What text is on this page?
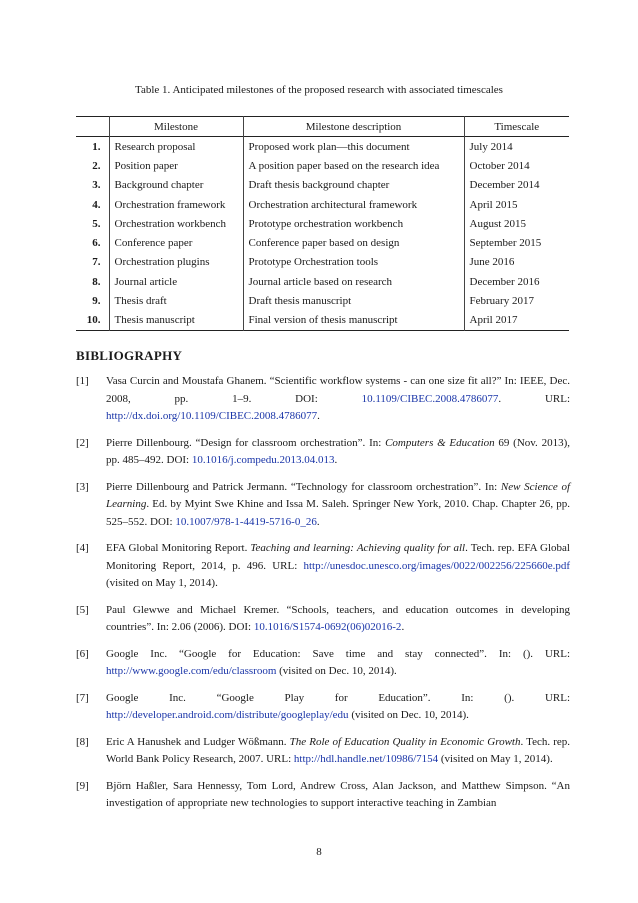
Table 1. Anticipated milestones of the proposed research with associated timescales
	Milestone	Milestone description	Timescale
1.	Research proposal	Proposed work plan—this document	July 2014
2.	Position paper	A position paper based on the research idea	October 2014
3.	Background chapter	Draft thesis background chapter	December 2014
4.	Orchestration framework	Orchestration architectural framework	April 2015
5.	Orchestration workbench	Prototype orchestration workbench	August 2015
6.	Conference paper	Conference paper based on design	September 2015
7.	Orchestration plugins	Prototype Orchestration tools	June 2016
8.	Journal article	Journal article based on research	December 2016
9.	Thesis draft	Draft thesis manuscript	February 2017
10.	Thesis manuscript	Final version of thesis manuscript	April 2017
BIBLIOGRAPHY
[1]	Vasa Curcin and Moustafa Ghanem. “Scientific workflow systems - can one size fit all?” In: IEEE, Dec. 2008, pp. 1–9. DOI: 10.1109/CIBEC.2008.4786077. URL: http://dx.doi.org/10.1109/CIBEC.2008.4786077.
[2]	Pierre Dillenbourg. “Design for classroom orchestration”. In: Computers & Education 69 (Nov. 2013), pp. 485–492. DOI: 10.1016/j.compedu.2013.04.013.
[3]	Pierre Dillenbourg and Patrick Jermann. “Technology for classroom orchestration”. In: New Science of Learning. Ed. by Myint Swe Khine and Issa M. Saleh. Springer New York, 2010. Chap. Chapter 26, pp. 525–552. DOI: 10.1007/978-1-4419-5716-0_26.
[4]	EFA Global Monitoring Report. Teaching and learning: Achieving quality for all. Tech. rep. EFA Global Monitoring Report, 2014, p. 496. URL: http://unesdoc.unesco.org/images/0022/002256/225660e.pdf (visited on May 1, 2014).
[5]	Paul Glewwe and Michael Kremer. “Schools, teachers, and education outcomes in developing countries”. In: 2.06 (2006). DOI: 10.1016/S1574-0692(06)02016-2.
[6]	Google Inc. “Google for Education: Save time and stay connected”. In: (). URL: http://www.google.com/edu/classroom (visited on Dec. 10, 2014).
[7]	Google Inc. “Google Play for Education”. In: (). URL: http://developer.android.com/distribute/googleplay/edu (visited on Dec. 10, 2014).
[8]	Eric A Hanushek and Ludger Wößmann. The Role of Education Quality in Economic Growth. Tech. rep. World Bank Policy Research, 2007. URL: http://hdl.handle.net/10986/7154 (visited on May 1, 2014).
[9]	Björn Haßler, Sara Hennessy, Tom Lord, Andrew Cross, Alan Jackson, and Matthew Simpson. “An investigation of appropriate new technologies to support interactive teaching in Zambian
8
